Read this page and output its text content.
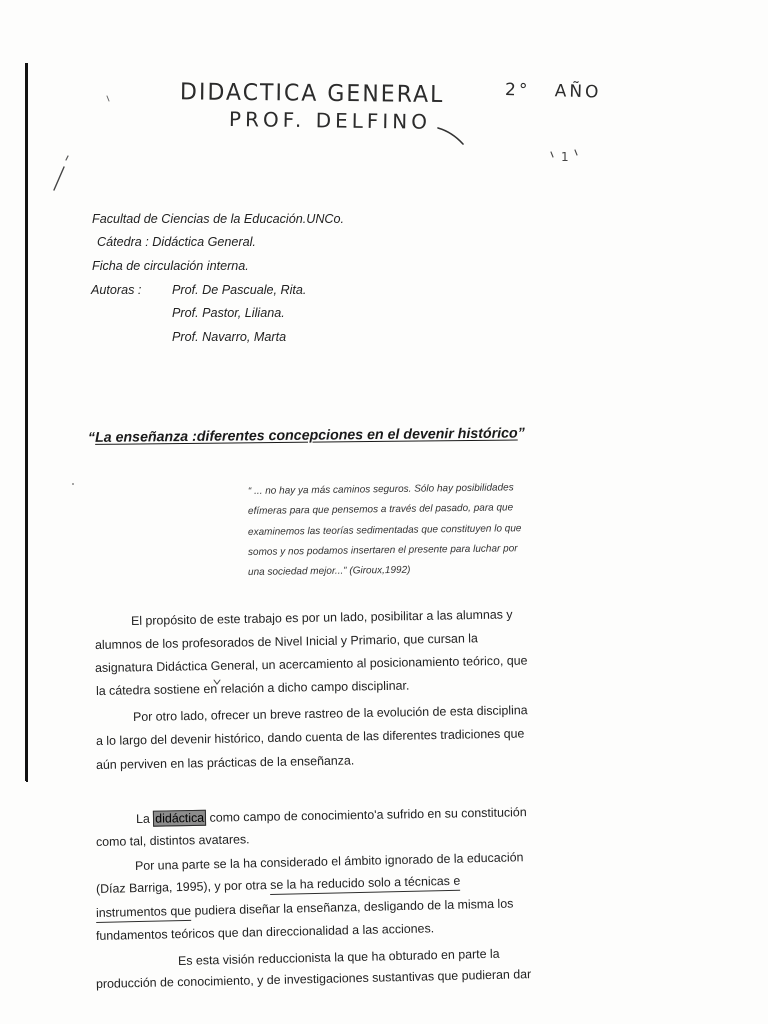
DIDACTICA GENERAL	2° AÑO
PROF. DELFINO
1
Facultad de Ciencias de la Educación.UNCo.
Cátedra : Didáctica General.
Ficha de circulación interna.
Autoras : Prof. De Pascuale, Rita.
Prof. Pastor, Liliana.
Prof. Navarro, Marta
“La enseñanza :diferentes concepciones en el devenir histórico”
“ ... no hay ya más caminos seguros. Sólo hay posibilidades
efímeras para que pensemos a través del pasado, para que
examinemos las teorías sedimentadas que constituyen lo que
somos y nos podamos insertaren el presente para luchar por
una sociedad mejor...” (Giroux,1992)
El propósito de este trabajo es por un lado, posibilitar a las alumnas y
alumnos de los profesorados de Nivel Inicial y Primario, que cursan la
asignatura Didáctica General, un acercamiento al posicionamiento teórico, que
la cátedra sostiene en relación a dicho campo disciplinar.
Por otro lado, ofrecer un breve rastreo de la evolución de esta disciplina
a lo largo del devenir histórico, dando cuenta de las diferentes tradiciones que
aún perviven en las prácticas de la enseñanza.
La didáctica como campo de conocimiento'a sufrido en su constitución
como tal, distintos avatares.
Por una parte se la ha considerado el ámbito ignorado de la educación
(Díaz Barriga, 1995), y por otra se la ha reducido solo a técnicas e
instrumentos que pudiera diseñar la enseñanza, desligando de la misma los
fundamentos teóricos que dan direccionalidad a las acciones.
Es esta visión reduccionista la que ha obturado en parte la
producción de conocimiento, y de investigaciones sustantivas que pudieran dar
